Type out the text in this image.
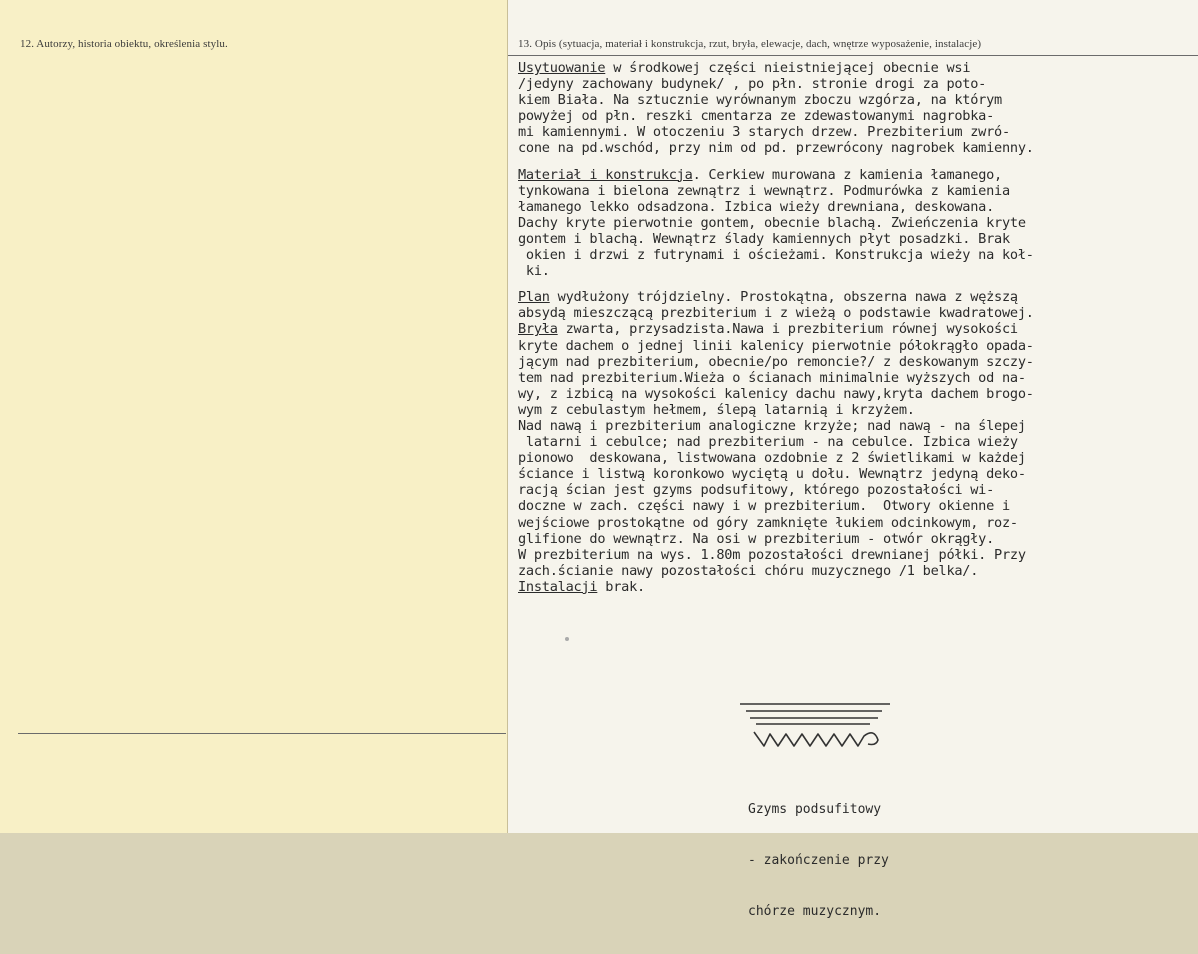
12. Autorzy, historia obiektu, określenia stylu.	13. Opis (sytuacja, materiał i konstrukcja, rzut, bryła, elewacje, dach, wnętrze wyposażenie, instalacje)

Usytuowanie w środkowej części nieistniejącej obecnie wsi

/jedyny zachowany budynek/ , po płn. stronie drogi za poto-

kiem Biała. Na sztucznie wyrównanym zboczu wzgórza, na którym

powyżej od płn. reszki cmentarza ze zdewastowanymi nagrobka-

mi kamiennymi. W otoczeniu 3 starych drzew. Prezbiterium zwró-

cone na pd.wschód, przy nim od pd. przewrócony nagrobek kamienny.

Materiał i konstrukcja. Cerkiew murowana z kamienia łamanego,

tynkowana i bielona zewnątrz i wewnątrz. Podmurówka z kamienia

łamanego lekko odsadzona. Izbica wieży drewniana, deskowana.

Dachy kryte pierwotnie gontem, obecnie blachą. Zwieńczenia kryte

gontem i blachą. Wewnątrz ślady kamiennych płyt posadzki. Brak

okien i drzwi z futrynami i ościeżami. Konstrukcja wieży na koł-

ki.

Plan wydłużony trójdzielny. Prostokątna, obszerna nawa z węższą

absydą mieszczącą prezbiterium i z wieżą o podstawie kwadratowej.

Bryła zwarta, przysadzista.Nawa i prezbiterium równej wysokości

kryte dachem o jednej linii kalenicy pierwotnie półokrągło opada-

jącym nad prezbiterium, obecnie/po remoncie?/ z deskowanym szczy-

tem nad prezbiterium.Wieża o ścianach minimalnie wyższych od na-

wy, z izbicą na wysokości kalenicy dachu nawy,kryta dachem brogo-

wym z cebulastym hełmem, ślepą latarnią i krzyżem.

Nad nawą i prezbiterium analogiczne krzyże; nad nawą - na ślepej

latarni i cebulce; nad prezbiterium - na cebulce. Izbica wieży

pionowo  deskowana, listwowana ozdobnie z 2 świetlikami w każdej

ściance i listwą koronkowo wyciętą u dołu. Wewnątrz jedyną deko-

racją ścian jest gzyms podsufitowy, którego pozostałości wi-

doczne w zach. części nawy i w prezbiterium.  Otwory okienne i

wejściowe prostokątne od góry zamknięte łukiem odcinkowym, roz-

glifione do wewnątrz. Na osi w prezbiterium - otwór okrągły.

W prezbiterium na wys. 1.80m pozostałości drewnianej półki. Przy

zach.ścianie nawy pozostałości chóru muzycznego /1 belka/.

Instalacji brak.

Gzyms podsufitowy

- zakończenie przy

chórze muzycznym.
